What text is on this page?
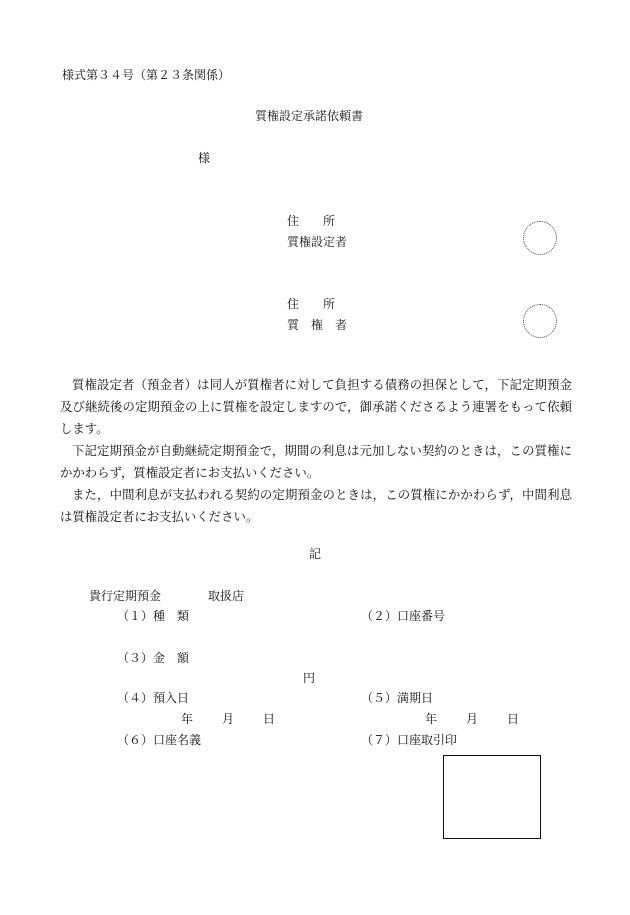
様式第３４号（第２３条関係）
質権設定承諾依頼書
様
住　　所
質権設定者
住　　所
質　権　者

質権設定者（預金者）は同人が質権者に対して負担する債務の担保として，下記定期預金及び継続後の定期預金の上に質権を設定しますので，御承諾くださるよう連署をもって依頼します。

下記定期預金が自動継続定期預金で，期間の利息は元加しない契約のときは，この質権にかかわらず，質権設定者にお支払いください。

また，中間利息が支払われる契約の定期預金のときは，この質権にかかわらず，中間利息は質権設定者にお支払いください。

記
貴行定期預金	取扱店
（１）種　類	（２）口座番号
（３）金　額
円
（４）預入日	（５）満期日
年 月 日	年 月 日
（６）口座名義	（７）口座取引印
